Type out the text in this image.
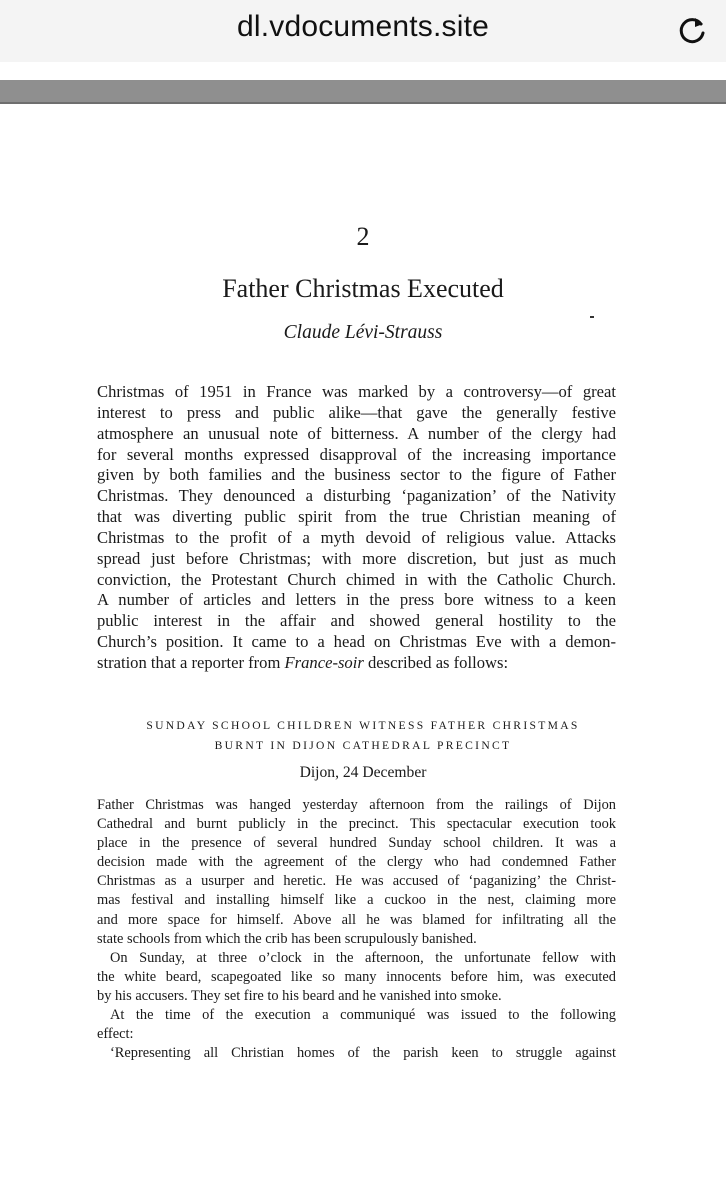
dl.vdocuments.site
2
Father Christmas Executed
Claude Lévi-Strauss
Christmas of 1951 in France was marked by a controversy—of great
interest to press and public alike—that gave the generally festive
atmosphere an unusual note of bitterness. A number of the clergy had
for several months expressed disapproval of the increasing importance
given by both families and the business sector to the figure of Father
Christmas. They denounced a disturbing ‘paganization’ of the Nativity
that was diverting public spirit from the true Christian meaning of
Christmas to the profit of a myth devoid of religious value. Attacks
spread just before Christmas; with more discretion, but just as much
conviction, the Protestant Church chimed in with the Catholic Church.
A number of articles and letters in the press bore witness to a keen
public interest in the affair and showed general hostility to the
Church’s position. It came to a head on Christmas Eve with a demon-
stration that a reporter from France-soir described as follows:
SUNDAY SCHOOL CHILDREN WITNESS FATHER CHRISTMAS
BURNT IN DIJON CATHEDRAL PRECINCT
Dijon, 24 December
Father Christmas was hanged yesterday afternoon from the railings of Dijon
Cathedral and burnt publicly in the precinct. This spectacular execution took
place in the presence of several hundred Sunday school children. It was a
decision made with the agreement of the clergy who had condemned Father
Christmas as a usurper and heretic. He was accused of ‘paganizing’ the Christ-
mas festival and installing himself like a cuckoo in the nest, claiming more
and more space for himself. Above all he was blamed for infiltrating all the
state schools from which the crib has been scrupulously banished.
On Sunday, at three o’clock in the afternoon, the unfortunate fellow with
the white beard, scapegoated like so many innocents before him, was executed
by his accusers. They set fire to his beard and he vanished into smoke.
At the time of the execution a communiqué was issued to the following
effect:
‘Representing all Christian homes of the parish keen to struggle against
